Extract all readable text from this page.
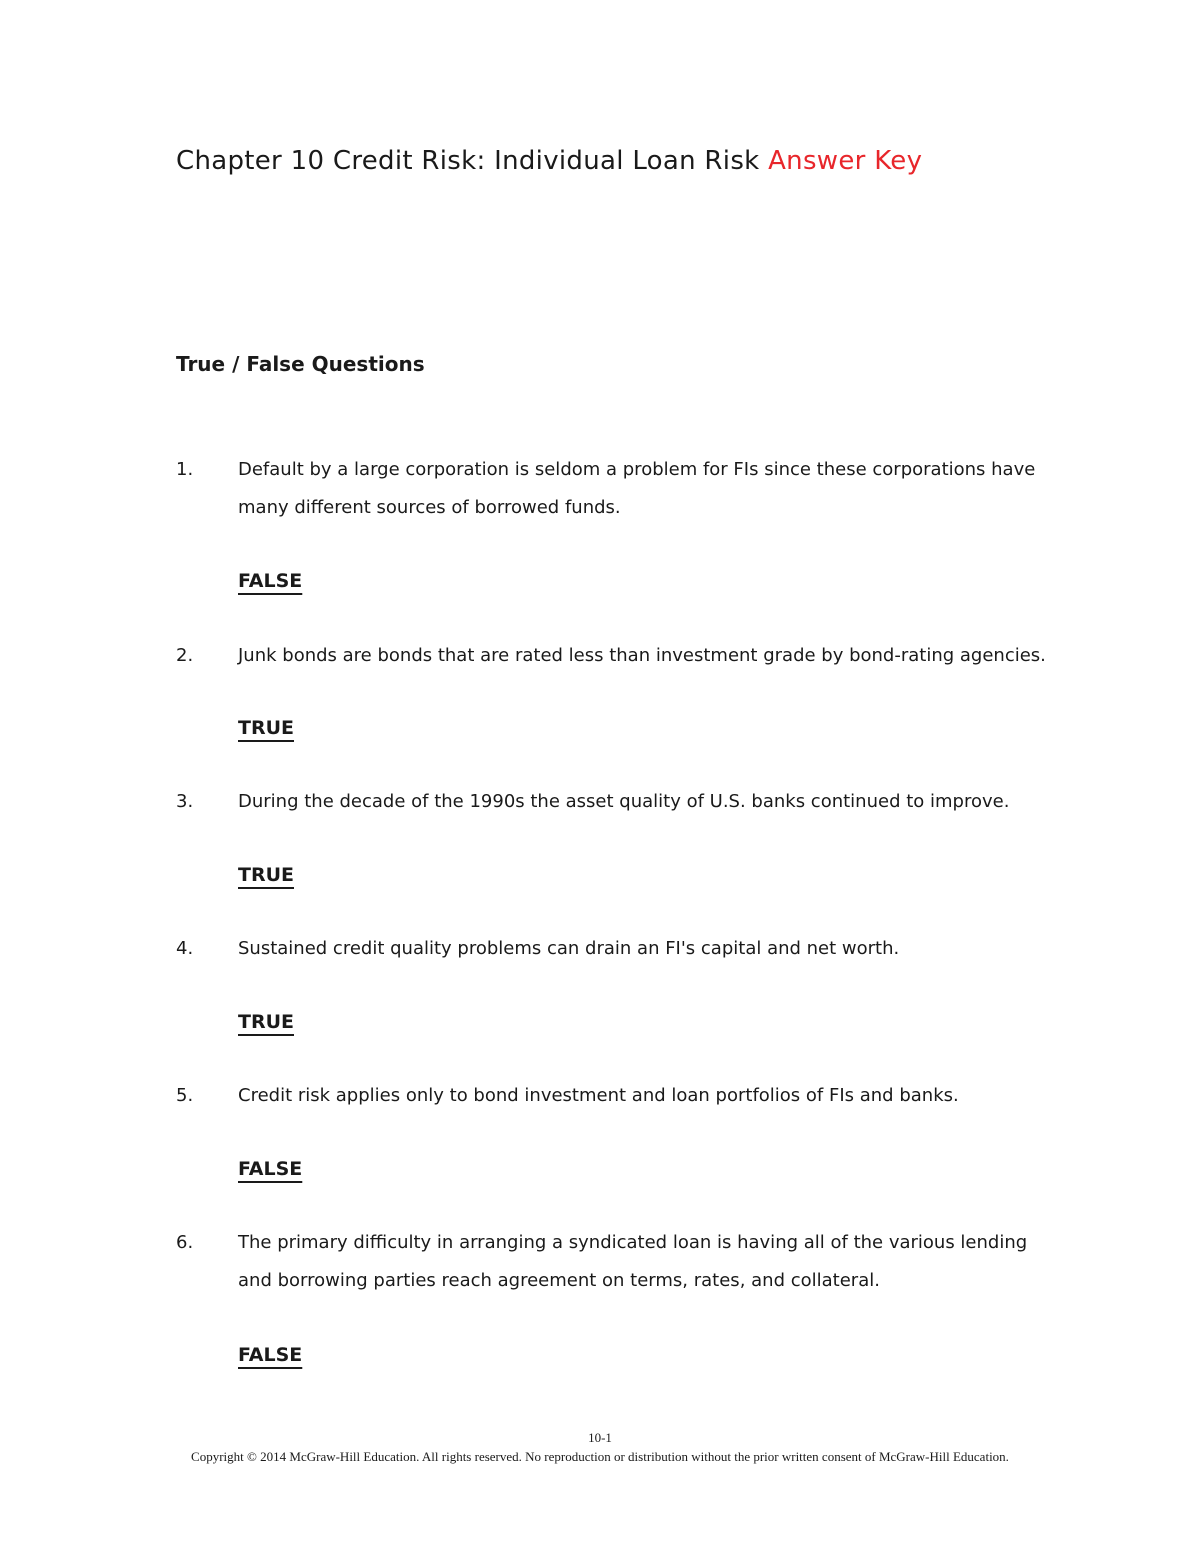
Chapter 10 Credit Risk: Individual Loan Risk Answer Key
True / False Questions
1. Default by a large corporation is seldom a problem for FIs since these corporations have many different sources of borrowed funds.
FALSE
2. Junk bonds are bonds that are rated less than investment grade by bond-rating agencies.
TRUE
3. During the decade of the 1990s the asset quality of U.S. banks continued to improve.
TRUE
4. Sustained credit quality problems can drain an FI's capital and net worth.
TRUE
5. Credit risk applies only to bond investment and loan portfolios of FIs and banks.
FALSE
6. The primary difficulty in arranging a syndicated loan is having all of the various lending and borrowing parties reach agreement on terms, rates, and collateral.
FALSE
10-1
Copyright © 2014 McGraw-Hill Education. All rights reserved. No reproduction or distribution without the prior written consent of McGraw-Hill Education.
